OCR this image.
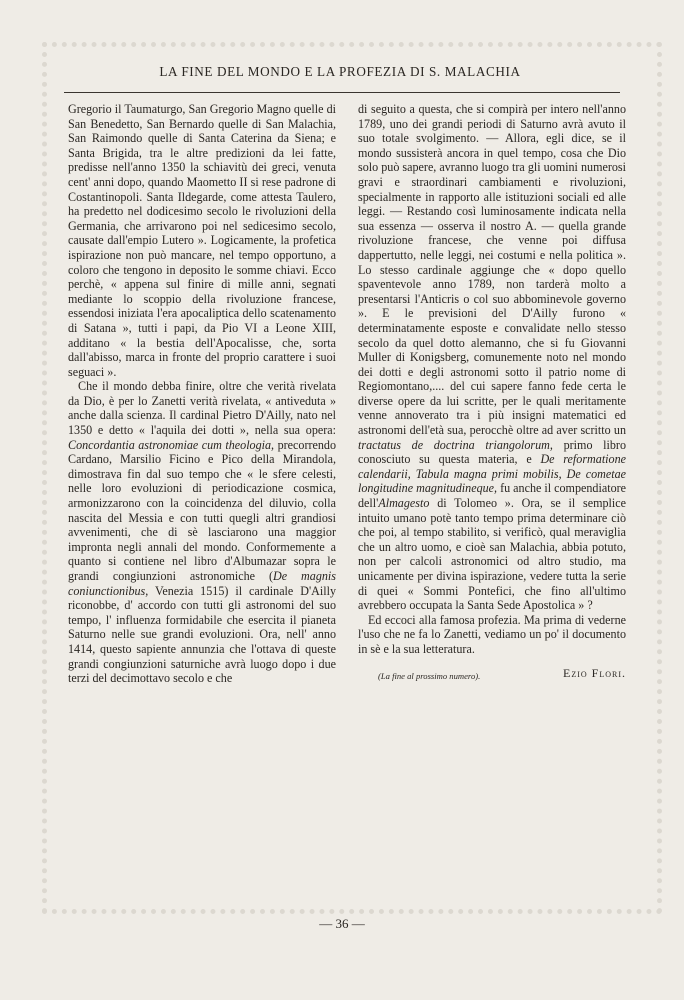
LA FINE DEL MONDO E LA PROFEZIA DI S. MALACHIA

Gregorio il Taumaturgo, San Gregorio Magno quelle di San Benedetto, San Bernardo quelle di San Malachia, San Raimondo quelle di Santa Caterina da Siena; e Santa Brigida, tra le altre predizioni da lei fatte, predisse nell'anno 1350 la schiavitù dei greci, venuta cent' anni dopo, quando Maometto II si rese padrone di Costantinopoli. Santa Ildegarde, come attesta Taulero, ha predetto nel dodicesimo secolo le rivoluzioni della Germania, che arrivarono poi nel sedicesimo secolo, causate dall'empio Lutero ». Logicamente, la profetica ispirazione non può mancare, nel tempo opportuno, a coloro che tengono in deposito le somme chiavi. Ecco perchè, « appena sul finire di mille anni, segnati mediante lo scoppio della rivoluzione francese, essendosi iniziata l'era apocaliptica dello scatenamento di Satana », tutti i papi, da Pio VI a Leone XIII, additano « la bestia dell'Apocalisse, che, sorta dall'abisso, marca in fronte del proprio carattere i suoi seguaci ».

Che il mondo debba finire, oltre che verità rivelata da Dio, è per lo Zanetti verità rivelata, « antiveduta » anche dalla scienza. Il cardinal Pietro D'Ailly, nato nel 1350 e detto « l'aquila dei dotti », nella sua opera: Concordantia astronomiae cum theologia, precorrendo Cardano, Marsilio Ficino e Pico della Mirandola, dimostrava fin dal suo tempo che « le sfere celesti, nelle loro evoluzioni di periodicazione cosmica, armonizzarono con la coincidenza del diluvio, colla nascita del Messia e con tutti quegli altri grandiosi avvenimenti, che di sè lasciarono una maggior impronta negli annali del mondo. Conformemente a quanto si contiene nel libro d'Albumazar sopra le grandi congiunzioni astronomiche (De magnis coniunctionibus, Venezia 1515) il cardinale D'Ailly riconobbe, d' accordo con tutti gli astronomi del suo tempo, l' influenza formidabile che esercita il pianeta Saturno nelle sue grandi evoluzioni. Ora, nell' anno 1414, questo sapiente annunzia che l'ottava di queste grandi congiunzioni saturniche avrà luogo dopo i due terzi del decimottavo secolo e che

di seguito a questa, che si compirà per intero nell'anno 1789, uno dei grandi periodi di Saturno avrà avuto il suo totale svolgimento. — Allora, egli dice, se il mondo sussisterà ancora in quel tempo, cosa che Dio solo può sapere, avranno luogo tra gli uomini numerosi gravi e straordinari cambiamenti e rivoluzioni, specialmente in rapporto alle istituzioni sociali ed alle leggi. — Restando così luminosamente indicata nella sua essenza — osserva il nostro A. — quella grande rivoluzione francese, che venne poi diffusa dappertutto, nelle leggi, nei costumi e nella politica ». Lo stesso cardinale aggiunge che « dopo quello spaventevole anno 1789, non tarderà molto a presentarsi l'Anticris o col suo abbominevole governo ». E le previsioni del D'Ailly furono « determinatamente esposte e convalidate nello stesso secolo da quel dotto alemanno, che si fu Giovanni Muller di Konigsberg, comunemente noto nel mondo dei dotti e degli astronomi sotto il patrio nome di Regiomontano,.... del cui sapere fanno fede certa le diverse opere da lui scritte, per le quali meritamente venne annoverato tra i più insigni matematici ed astronomi dell'età sua, perocchè oltre ad aver scritto un tractatus de doctrina triangolorum, primo libro conosciuto su questa materia, e De reformatione calendarii, Tabula magna primi mobilis, De cometae longitudine magnitudineque, fu anche il compendiatore dell'Almagesto di Tolomeo ». Ora, se il semplice intuito umano potè tanto tempo prima determinare ciò che poi, al tempo stabilito, si verificò, qual meraviglia che un altro uomo, e cioè san Malachia, abbia potuto, non per calcoli astronomici od altro studio, ma unicamente per divina ispirazione, vedere tutta la serie di quei « Sommi Pontefici, che fino all'ultimo avrebbero occupata la Santa Sede Apostolica » ?

Ed eccoci alla famosa profezia. Ma prima di vederne l'uso che ne fa lo Zanetti, vediamo un po' il documento in sè e la sua letteratura.

(La fine al prossimo numero).	Ezio Flori.
— 36 —
